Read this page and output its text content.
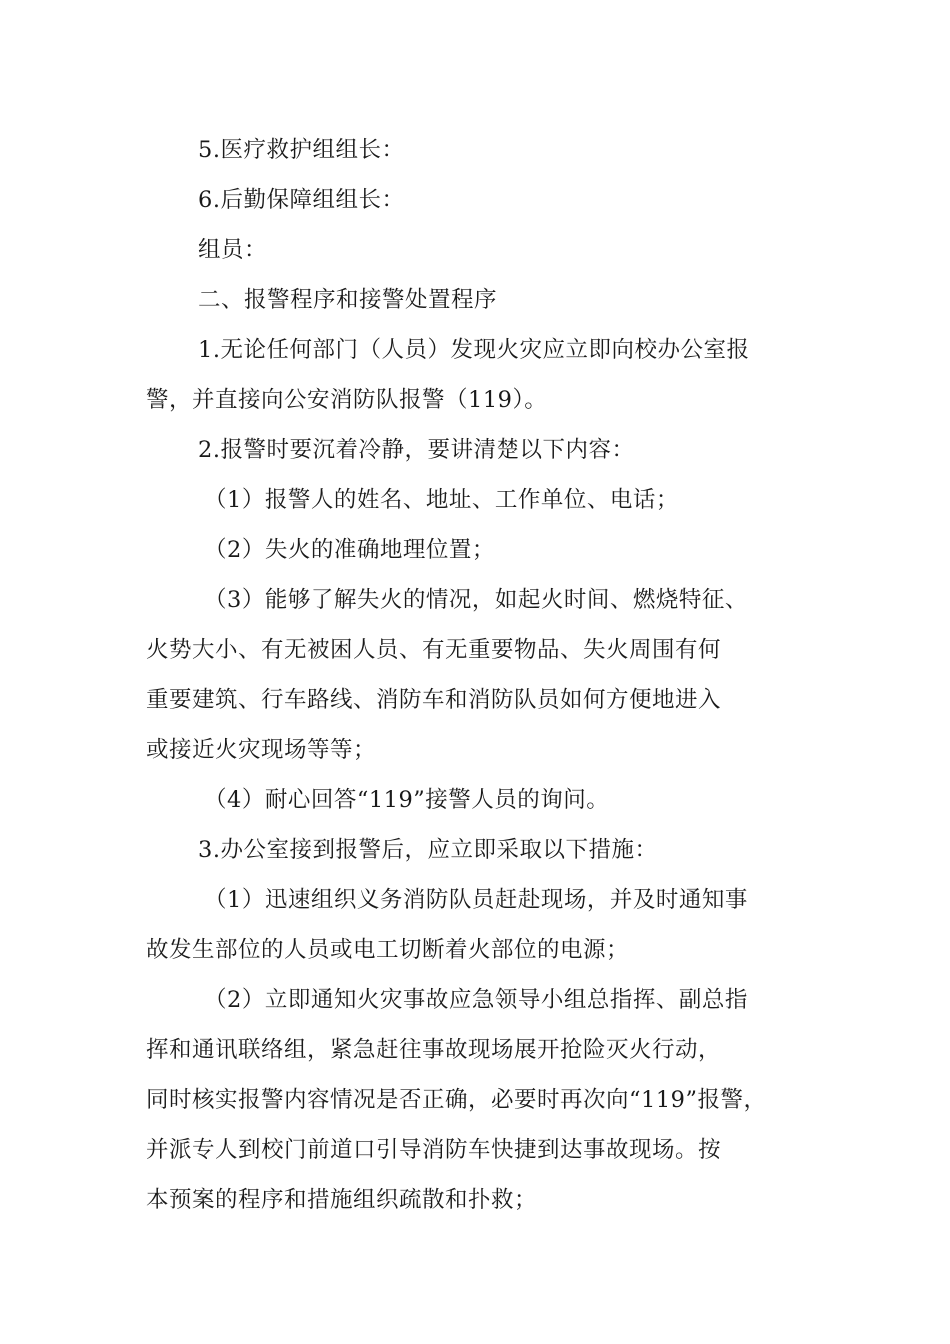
5.医疗救护组组长：
6.后勤保障组组长：
组员：
二、报警程序和接警处置程序
1.无论任何部门（人员）发现火灾应立即向校办公室报
警，并直接向公安消防队报警（119）。
2.报警时要沉着冷静，要讲清楚以下内容：
（1）报警人的姓名、地址、工作单位、电话；
（2）失火的准确地理位置；
（3）能够了解失火的情况，如起火时间、燃烧特征、
火势大小、有无被困人员、有无重要物品、失火周围有何
重要建筑、行车路线、消防车和消防队员如何方便地进入
或接近火灾现场等等；
（4）耐心回答“119”接警人员的询问。
3.办公室接到报警后，应立即采取以下措施：
（1）迅速组织义务消防队员赶赴现场，并及时通知事
故发生部位的人员或电工切断着火部位的电源；
（2）立即通知火灾事故应急领导小组总指挥、副总指
挥和通讯联络组，紧急赶往事故现场展开抢险灭火行动，
同时核实报警内容情况是否正确，必要时再次向“119”报警，
并派专人到校门前道口引导消防车快捷到达事故现场。按
本预案的程序和措施组织疏散和扑救；
